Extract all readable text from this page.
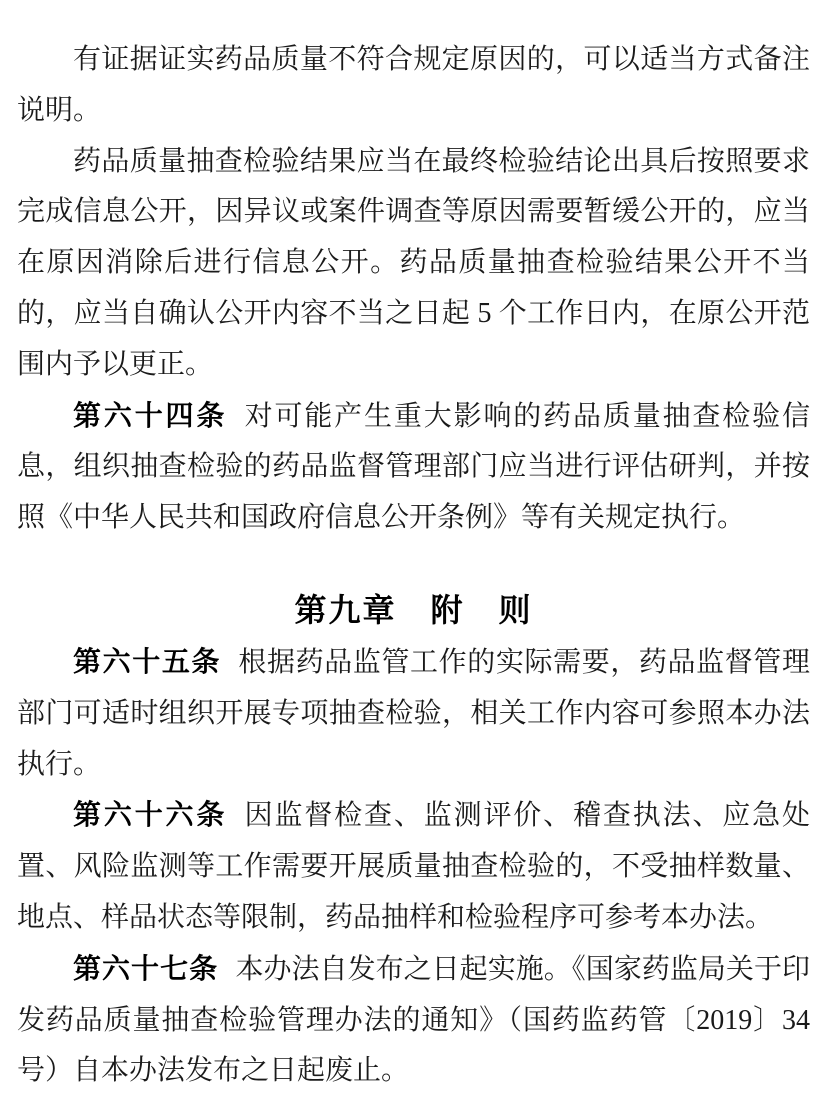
有证据证实药品质量不符合规定原因的，可以适当方式备注说明。

药品质量抽查检验结果应当在最终检验结论出具后按照要求完成信息公开，因异议或案件调查等原因需要暂缓公开的，应当在原因消除后进行信息公开。药品质量抽查检验结果公开不当的，应当自确认公开内容不当之日起 5 个工作日内，在原公开范围内予以更正。

第六十四条 对可能产生重大影响的药品质量抽查检验信息，组织抽查检验的药品监督管理部门应当进行评估研判，并按照《中华人民共和国政府信息公开条例》等有关规定执行。

第九章　附　则

第六十五条 根据药品监管工作的实际需要，药品监督管理部门可适时组织开展专项抽查检验，相关工作内容可参照本办法执行。

第六十六条 因监督检查、监测评价、稽查执法、应急处置、风险监测等工作需要开展质量抽查检验的，不受抽样数量、地点、样品状态等限制，药品抽样和检验程序可参考本办法。

第六十七条 本办法自发布之日起实施。《国家药监局关于印发药品质量抽查检验管理办法的通知》（国药监药管〔2019〕34 号）自本办法发布之日起废止。
